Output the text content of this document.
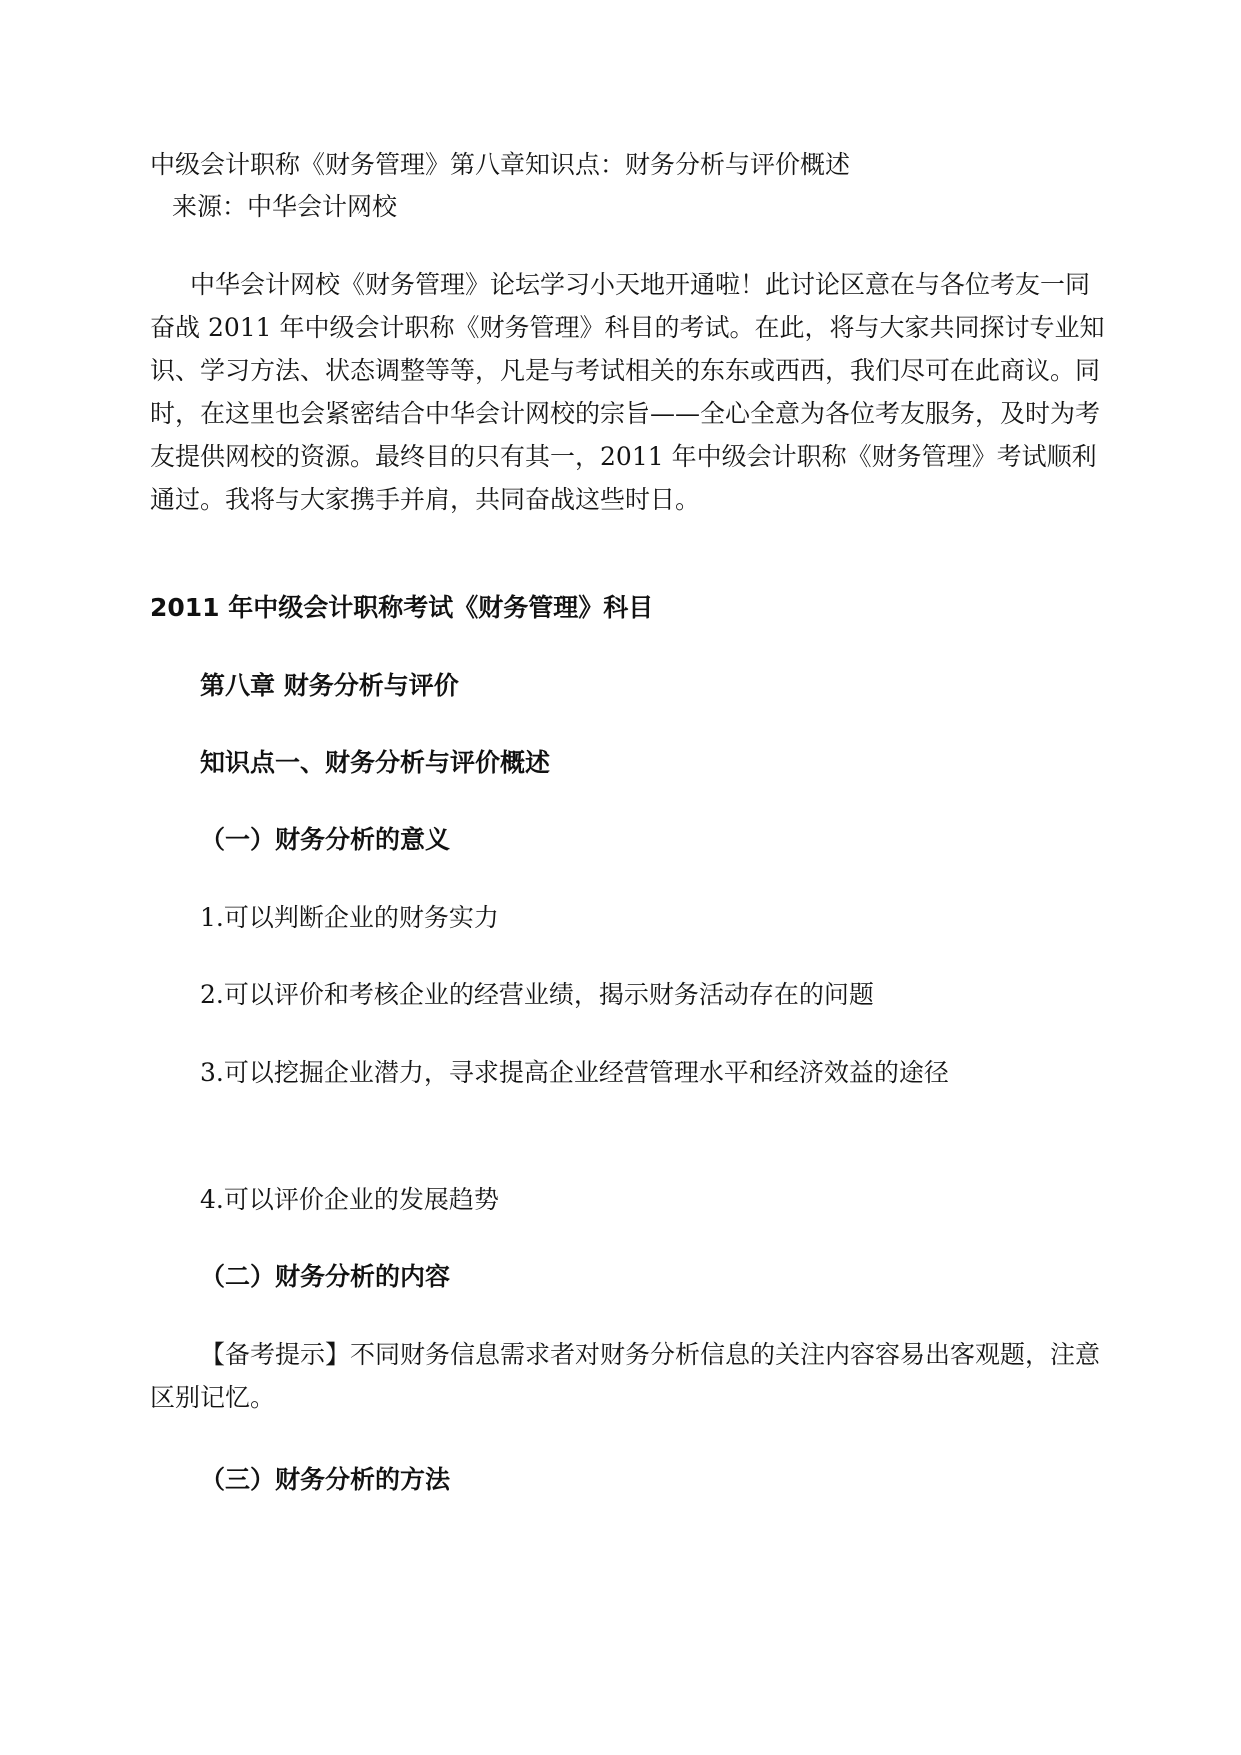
中级会计职称《财务管理》第八章知识点：财务分析与评价概述
来源：中华会计网校
中华会计网校《财务管理》论坛学习小天地开通啦！此讨论区意在与各位考友一同
奋战 2011 年中级会计职称《财务管理》科目的考试。在此，将与大家共同探讨专业知
识、学习方法、状态调整等等，凡是与考试相关的东东或西西，我们尽可在此商议。同
时，在这里也会紧密结合中华会计网校的宗旨——全心全意为各位考友服务，及时为考
友提供网校的资源。最终目的只有其一，2011 年中级会计职称《财务管理》考试顺利
通过。我将与大家携手并肩，共同奋战这些时日。
2011 年中级会计职称考试《财务管理》科目
第八章 财务分析与评价
知识点一、财务分析与评价概述
（一）财务分析的意义
1.可以判断企业的财务实力
2.可以评价和考核企业的经营业绩，揭示财务活动存在的问题
3.可以挖掘企业潜力，寻求提高企业经营管理水平和经济效益的途径
4.可以评价企业的发展趋势
（二）财务分析的内容
【备考提示】不同财务信息需求者对财务分析信息的关注内容容易出客观题，注意
区别记忆。
（三）财务分析的方法
